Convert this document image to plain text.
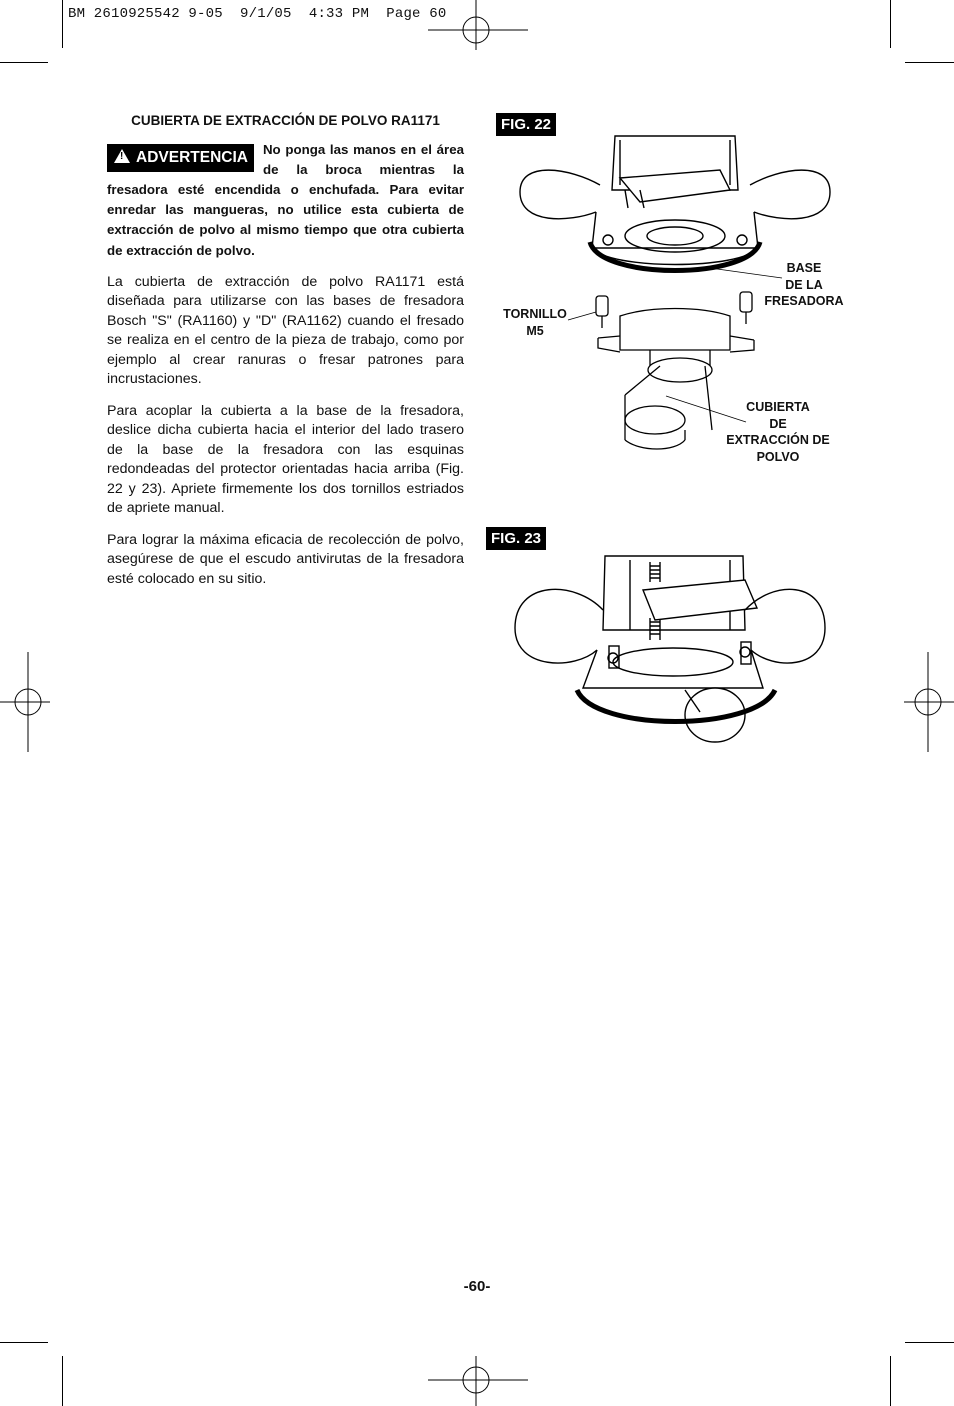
BM 2610925542 9-05  9/1/05  4:33 PM  Page 60
CUBIERTA DE EXTRACCIÓN DE POLVO RA1171
!ADVERTENCIA	No ponga las manos en el área de la broca mientras la fresadora esté encendida o enchufada. Para evitar enredar las mangueras, no utilice esta cubierta de extracción de polvo al mismo tiempo que otra cubierta de extracción de polvo.

La cubierta de extracción de polvo RA1171 está diseñada para utilizarse con las bases de fresadora Bosch "S" (RA1160) y "D" (RA1162) cuando el fresado se realiza en el centro de la pieza de trabajo, como por ejemplo al crear ranuras o fresar patrones para incrustaciones.

Para acoplar la cubierta a la base de la fresadora, deslice dicha cubierta hacia el interior del lado trasero de la base de la fresadora con las esquinas redondeadas del protector orientadas hacia arriba (Fig. 22 y 23). Apriete firmemente los dos tornillos estriados de apriete manual.

Para lograr la máxima eficacia de recolección de polvo, asegúrese de que el escudo antivirutas de la fresadora esté colocado en su sitio.

FIG. 22
BASE
DE LA
FRESADORA
TORNILLO
M5
CUBIERTA
DE
EXTRACCIÓN DE
POLVO
FIG. 23
-60-
